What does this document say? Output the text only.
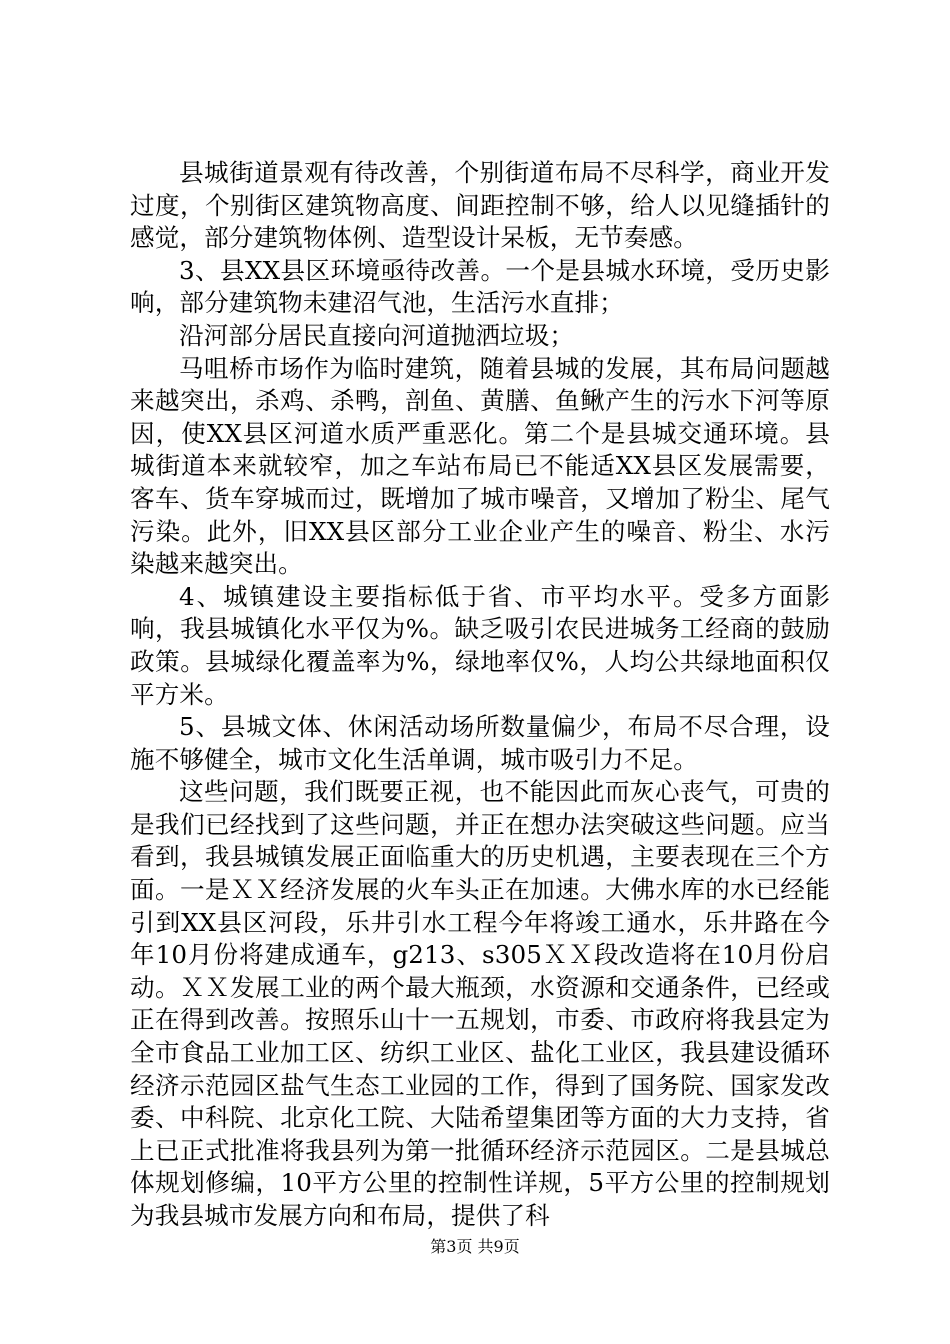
县城街道景观有待改善，个别街道布局不尽科学，商业开发过度，个别街区建筑物高度、间距控制不够，给人以见缝插针的感觉，部分建筑物体例、造型设计呆板，无节奏感。

3、县XX县区环境亟待改善。一个是县城水环境，受历史影响，部分建筑物未建沼气池，生活污水直排；

沿河部分居民直接向河道抛洒垃圾；

马咀桥市场作为临时建筑，随着县城的发展，其布局问题越来越突出，杀鸡、杀鸭，剖鱼、黄膳、鱼鳅产生的污水下河等原因，使XX县区河道水质严重恶化。第二个是县城交通环境。县城街道本来就较窄，加之车站布局已不能适XX县区发展需要，客车、货车穿城而过，既增加了城市噪音，又增加了粉尘、尾气污染。此外，旧XX县区部分工业企业产生的噪音、粉尘、水污染越来越突出。

4、城镇建设主要指标低于省、市平均水平。受多方面影响，我县城镇化水平仅为%。缺乏吸引农民进城务工经商的鼓励政策。县城绿化覆盖率为%，绿地率仅%，人均公共绿地面积仅平方米。

5、县城文体、休闲活动场所数量偏少，布局不尽合理，设施不够健全，城市文化生活单调，城市吸引力不足。

这些问题，我们既要正视，也不能因此而灰心丧气，可贵的是我们已经找到了这些问题，并正在想办法突破这些问题。应当看到，我县城镇发展正面临重大的历史机遇，主要表现在三个方面。一是ＸＸ经济发展的火车头正在加速。大佛水库的水已经能引到XX县区河段，乐井引水工程今年将竣工通水，乐井路在今年10月份将建成通车，g213、s305ＸＸ段改造将在10月份启动。ＸＸ发展工业的两个最大瓶颈，水资源和交通条件，已经或正在得到改善。按照乐山十一五规划，市委、市政府将我县定为全市食品工业加工区、纺织工业区、盐化工业区，我县建设循环经济示范园区盐气生态工业园的工作，得到了国务院、国家发改委、中科院、北京化工院、大陆希望集团等方面的大力支持，省上已正式批准将我县列为第一批循环经济示范园区。二是县城总体规划修编，10平方公里的控制性详规，5平方公里的控制规划为我县城市发展方向和布局，提供了科

第3页 共9页
